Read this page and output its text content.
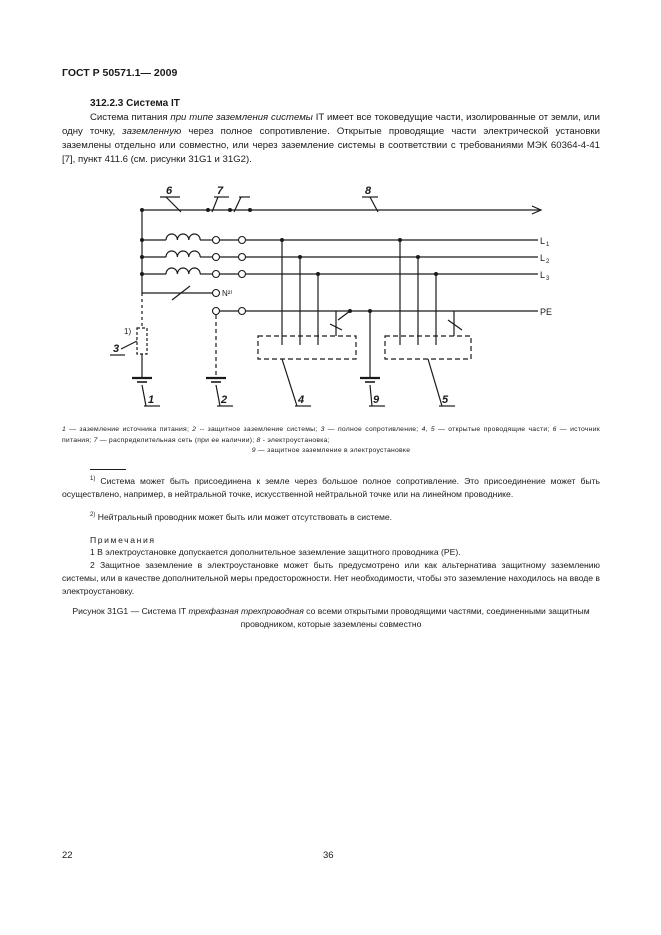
ГОСТ Р 50571.1— 2009
312.2.3 Система IT
Система питания при типе заземления системы IT имеет все токоведущие части, изолированные от земли, или одну точку, заземленную через полное сопротивление. Открытые проводящие части электрической установки заземлены отдельно или совместно, или через заземление системы в соответствии с требованиями МЭК 60364-4-41 [7], пункт 411.6 (см. рисунки 31G1 и 31G2).
6	7	8
3
1	2	4	9	5
1)
N²⁾
L 1
L 2
L 3
PE
1 — заземление источника питания; 2 -- защитное заземление системы; 3 — полное сопротивление; 4, 5 — открытые проводящие части; 6 — источник питания; 7 — распределительная сеть (при ее наличии); 8 - электроустановка;

9 — защитное заземление в электроустановке
$^{1)}$ Система может быть присоединена к земле через большое полное сопротивление. Это присоединение может быть осуществлено, например, в нейтральной точке, искусственной нейтральной точке или на линейном проводнике.
$^{2)}$ Нейтральный проводник может быть или может отсутствовать в системе.
Примечания
1 В электроустановке допускается дополнительное заземление защитного проводника (PE).
2 Защитное заземление в электроустановке может быть предусмотрено или как альтернатива защитному заземлению системы, или в качестве дополнительной меры предосторожности. Нет необходимости, чтобы это заземление находилось на вводе в электроустановку.
Рисунок 31G1 — Система IT трехфазная трехпроводная со всеми открытыми проводящими частями, соединенными защитным проводником, которые заземлены совместно
22	36
